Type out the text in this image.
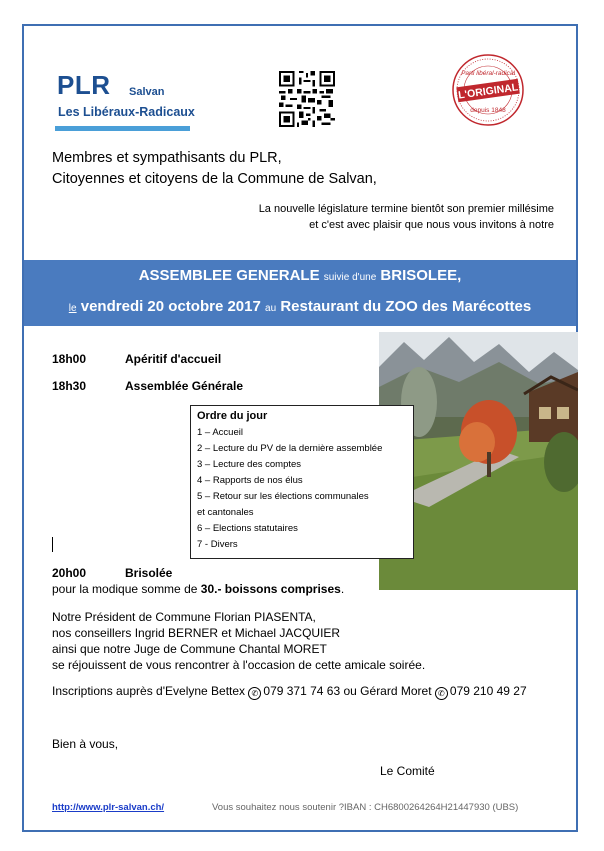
PLR Salvan
Les Libéraux-Radicaux
L'ORIGINAL
Parti libéral-radical
depuis 1848
Membres et sympathisants du PLR,
Citoyennes et citoyens de la Commune de Salvan,
La nouvelle législature termine bientôt son premier millésime
et c'est avec plaisir que nous vous invitons à notre
ASSEMBLEE GENERALE suivie d'une BRISOLEE,
le vendredi 20 octobre 2017 au Restaurant du ZOO des Marécottes
18h00	Apéritif d'accueil
18h30	Assemblée Générale
Ordre du jour
1 – Accueil
2 – Lecture du PV de la dernière assemblée
3 – Lecture des comptes
4 – Rapports de nos élus
5 – Retour sur les élections communales
et cantonales
6 – Elections statutaires
7 - Divers
20h00	Brisolée
pour la modique somme de 30.- boissons comprises.
Notre Président de Commune Florian PIASENTA,
nos conseillers Ingrid BERNER et Michael JACQUIER
ainsi que notre Juge de Commune Chantal MORET
se réjouissent de vous rencontrer à l'occasion de cette amicale soirée.
Inscriptions auprès d'Evelyne Bettex ✆ 079 371 74 63 ou Gérard Moret ✆ 079 210 49 27
Bien à vous,
Le Comité
http://www.plr-salvan.ch/	Vous souhaitez nous soutenir ?IBAN : CH6800264264H21447930 (UBS)
